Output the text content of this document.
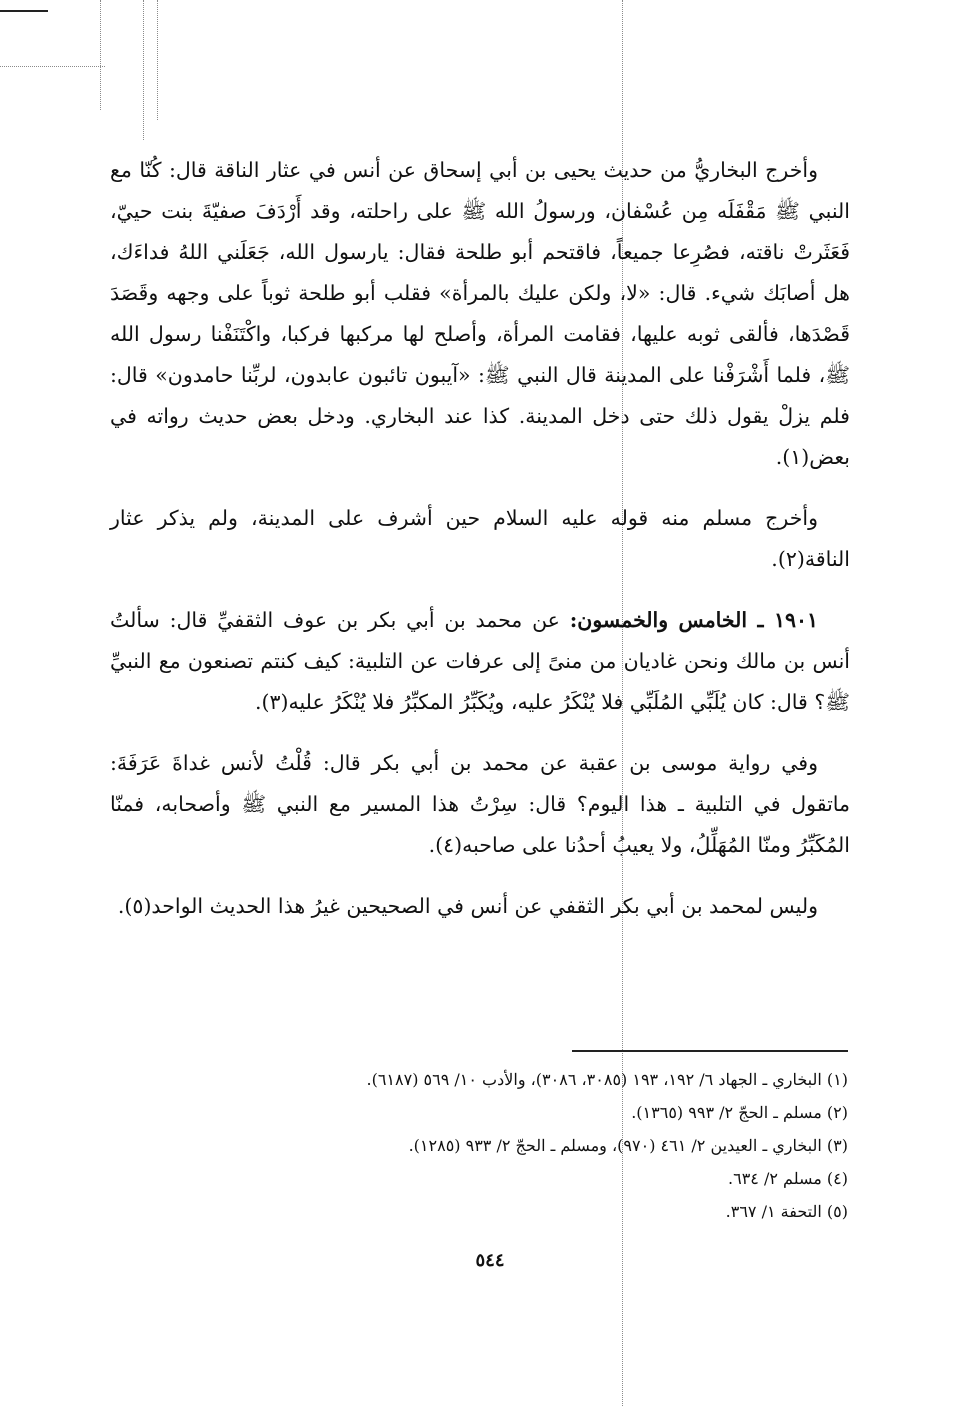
وأخرج البخاريُّ من حديث يحيى بن أبي إسحاق عن أنس في عثار الناقة قال: كُنّا مع النبي ﷺ مَقْفَلَه مِن عُسْفان، ورسولُ الله ﷺ على راحلته، وقد أَرْدَفَ صفيّةَ بنت حييّ، فَعَثَرتْ ناقته، فصُرِعا جميعاً، فاقتحم أبو طلحة فقال: يارسول الله، جَعَلَني اللهُ فداءَك، هل أصابَك شيء. قال: «لا، ولكن عليك بالمرأة» فقلب أبو طلحة ثوباً على وجهه وقَصَدَ قَصْدَها، فألقى ثوبه عليها، فقامت المرأة، وأصلح لها مركبها فركبا، واكْتَنَفْنا رسول الله ﷺ، فلما أَشْرَفْنا على المدينة قال النبي ﷺ: «آيبون تائبون عابدون، لربِّنا حامدون» قال: فلم يزلْ يقول ذلك حتى دخل المدينة. كذا عند البخاري. ودخل بعض حديث رواته في بعض(١).

وأخرج مسلم منه قوله عليه السلام حين أشرف على المدينة، ولم يذكر عثار الناقة(٢).

١٩٠١ ـ الخامس والخمسون: عن محمد بن أبي بكر بن عوف الثقفيِّ قال: سألتُ أنس بن مالك ونحن غاديان من منىً إلى عرفات عن التلبية: كيف كنتم تصنعون مع النبيِّ ﷺ؟ قال: كان يُلَبِّي المُلَبِّي فلا يُنْكَرُ عليه، ويُكَبِّرُ المكبِّرُ فلا يُنْكَرُ عليه(٣).

وفي رواية موسى بن عقبة عن محمد بن أبي بكر قال: قُلْتُ لأنس غداةَ عَرَفَةَ: ماتقول في التلبية ـ هذا اليوم؟ قال: سِرْتُ هذا المسير مع النبي ﷺ وأصحابه، فمنّا المُكَبِّرُ ومنّا المُهَلِّلُ، ولا يعيبُ أحدُنا على صاحبه(٤).

وليس لمحمد بن أبي بكر الثقفي عن أنس في الصحيحين غيرُ هذا الحديث الواحد(٥).

(١) البخاري ـ الجهاد ٦/ ١٩٢، ١٩٣ (٣٠٨٥، ٣٠٨٦)، والأدب ١٠/ ٥٦٩ (٦١٨٧).
(٢) مسلم ـ الحجّ ٢/ ٩٩٣ (١٣٦٥).
(٣) البخاري ـ العيدين ٢/ ٤٦١ (٩٧٠)، ومسلم ـ الحجّ ٢/ ٩٣٣ (١٢٨٥).
(٤) مسلم ٢/ ٦٣٤.
(٥) التحفة ١/ ٣٦٧.
٥٤٤
